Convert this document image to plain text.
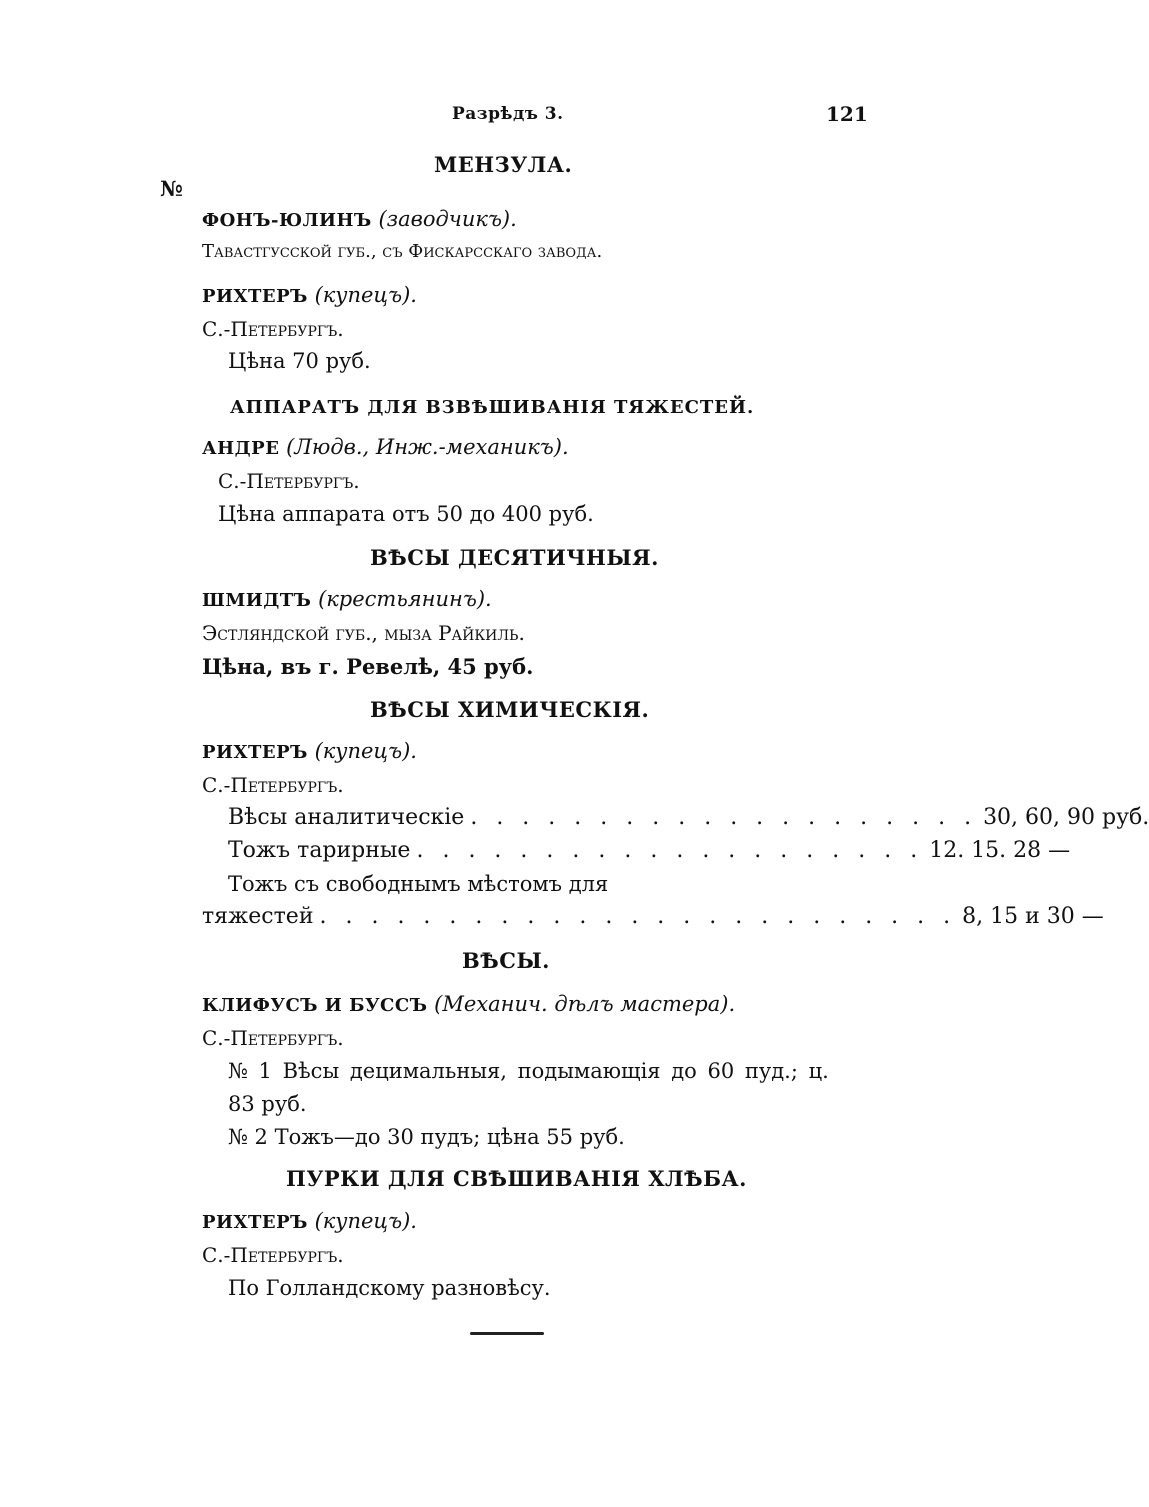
Разрѣдъ 3.	121
МЕНЗУЛА.
№
ФОНЪ-ЮЛИНЪ (заводчикъ).
Тавастгусской губ., съ Фискарсскаго завода.
РИХТЕРЪ (купецъ).
С.-Петербургъ.
Цѣна 70 руб.
АППАРАТЪ ДЛЯ ВЗВѢШИВАНІЯ ТЯЖЕСТЕЙ.
АНДРЕ (Людв., Инж.-механикъ).
С.-Петербургъ.
Цѣна аппарата отъ 50 до 400 руб.
ВѢСЫ ДЕСЯТИЧНЫЯ.
ШМИДТЪ (крестьянинъ).
Эстляндской губ., мыза Райкиль.
Цѣна, въ г. Ревелѣ, 45 руб.
ВѢСЫ ХИМИЧЕСКІЯ.
РИХТЕРЪ (купецъ).
С.-Петербургъ.
Вѣсы аналитическіе . . . . . . . . . . . . . . . . . . . . 30, 60, 90 руб.
Тожъ тарирные . . . . . . . . . . . . . . . . . . . . 12. 15. 28 —
Тожъ съ свободнымъ мѣстомъ для
тяжестей . . . . . . . . . . . . . . . . . . . . . . . . . 8, 15 и 30 —
ВѢСЫ.
КЛИФУСЪ И БУССЪ (Механич. дѣлъ мастера).
С.-Петербургъ.
№ 1 Вѣсы децимальныя, подымающія до 60 пуд.; ц.
83 руб.
№ 2 Тожъ—до 30 пудъ; цѣна 55 руб.
ПУРКИ ДЛЯ СВѢШИВАНІЯ ХЛѢБА.
РИХТЕРЪ (купецъ).
С.-Петербургъ.
По Голландскому разновѣсу.
